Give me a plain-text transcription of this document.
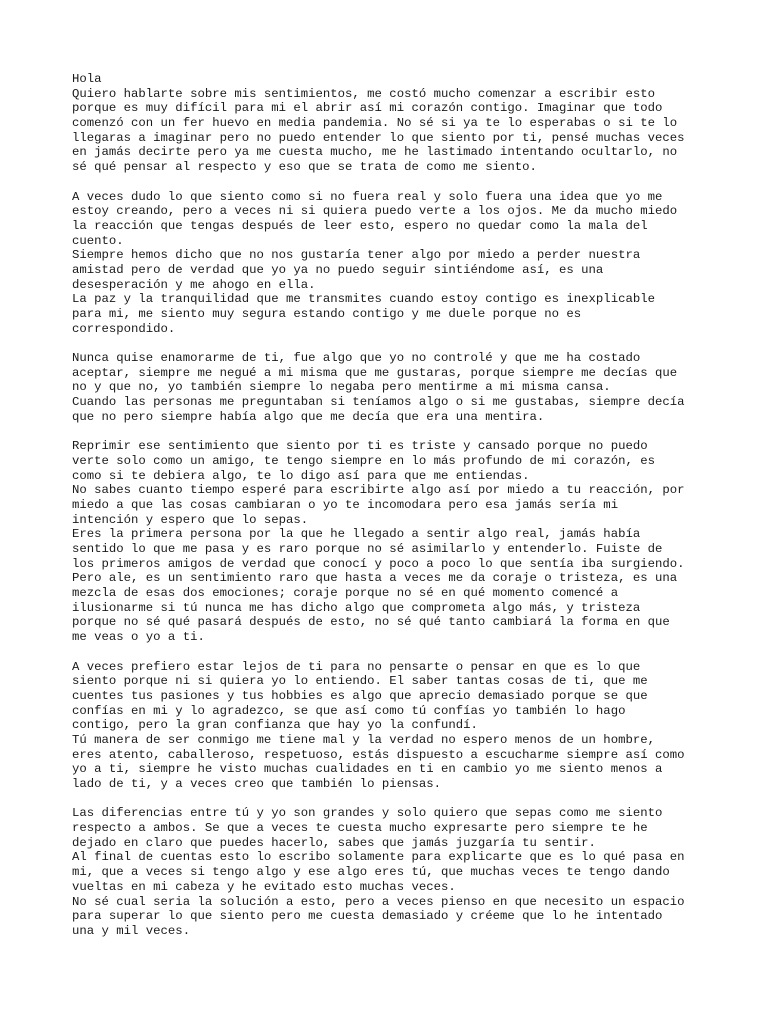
Hola
Quiero hablarte sobre mis sentimientos, me costó mucho comenzar a escribir esto
porque es muy difícil para mi el abrir así mi corazón contigo. Imaginar que todo
comenzó con un fer huevo en media pandemia. No sé si ya te lo esperabas o si te lo
llegaras a imaginar pero no puedo entender lo que siento por ti, pensé muchas veces
en jamás decirte pero ya me cuesta mucho, me he lastimado intentando ocultarlo, no
sé qué pensar al respecto y eso que se trata de como me siento.
A veces dudo lo que siento como si no fuera real y solo fuera una idea que yo me
estoy creando, pero a veces ni si quiera puedo verte a los ojos. Me da mucho miedo
la reacción que tengas después de leer esto, espero no quedar como la mala del
cuento.
Siempre hemos dicho que no nos gustaría tener algo por miedo a perder nuestra
amistad pero de verdad que yo ya no puedo seguir sintiéndome así, es una
desesperación y me ahogo en ella.
La paz y la tranquilidad que me transmites cuando estoy contigo es inexplicable
para mi, me siento muy segura estando contigo y me duele porque no es
correspondido.
Nunca quise enamorarme de ti, fue algo que yo no controlé y que me ha costado
aceptar, siempre me negué a mi misma que me gustaras, porque siempre me decías que
no y que no, yo también siempre lo negaba pero mentirme a mi misma cansa.
Cuando las personas me preguntaban si teníamos algo o si me gustabas, siempre decía
que no pero siempre había algo que me decía que era una mentira.
Reprimir ese sentimiento que siento por ti es triste y cansado porque no puedo
verte solo como un amigo, te tengo siempre en lo más profundo de mi corazón, es
como si te debiera algo, te lo digo así para que me entiendas.
No sabes cuanto tiempo esperé para escribirte algo así por miedo a tu reacción, por
miedo a que las cosas cambiaran o yo te incomodara pero esa jamás sería mi
intención y espero que lo sepas.
Eres la primera persona por la que he llegado a sentir algo real, jamás había
sentido lo que me pasa y es raro porque no sé asimilarlo y entenderlo. Fuiste de
los primeros amigos de verdad que conocí y poco a poco lo que sentía iba surgiendo.
Pero ale, es un sentimiento raro que hasta a veces me da coraje o tristeza, es una
mezcla de esas dos emociones; coraje porque no sé en qué momento comencé a
ilusionarme si tú nunca me has dicho algo que comprometa algo más, y tristeza
porque no sé qué pasará después de esto, no sé qué tanto cambiará la forma en que
me veas o yo a ti.
A veces prefiero estar lejos de ti para no pensarte o pensar en que es lo que
siento porque ni si quiera yo lo entiendo. El saber tantas cosas de ti, que me
cuentes tus pasiones y tus hobbies es algo que aprecio demasiado porque se que
confías en mi y lo agradezco, se que así como tú confías yo también lo hago
contigo, pero la gran confianza que hay yo la confundí.
Tú manera de ser conmigo me tiene mal y la verdad no espero menos de un hombre,
eres atento, caballeroso, respetuoso, estás dispuesto a escucharme siempre así como
yo a ti, siempre he visto muchas cualidades en ti en cambio yo me siento menos a
lado de ti, y a veces creo que también lo piensas.
Las diferencias entre tú y yo son grandes y solo quiero que sepas como me siento
respecto a ambos. Se que a veces te cuesta mucho expresarte pero siempre te he
dejado en claro que puedes hacerlo, sabes que jamás juzgaría tu sentir.
Al final de cuentas esto lo escribo solamente para explicarte que es lo qué pasa en
mi, que a veces si tengo algo y ese algo eres tú, que muchas veces te tengo dando
vueltas en mi cabeza y he evitado esto muchas veces.
No sé cual seria la solución a esto, pero a veces pienso en que necesito un espacio
para superar lo que siento pero me cuesta demasiado y créeme que lo he intentado
una y mil veces.
